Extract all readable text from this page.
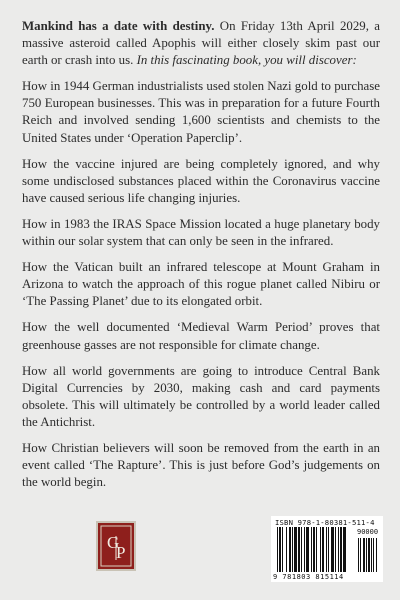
Mankind has a date with destiny. On Friday 13th April 2029, a massive asteroid called Apophis will either closely skim past our earth or crash into us. In this fascinating book, you will discover:

How in 1944 German industrialists used stolen Nazi gold to purchase 750 European businesses. This was in preparation for a future Fourth Reich and involved sending 1,600 scientists and chemists to the United States under ‘Operation Paperclip’.

How the vaccine injured are being completely ignored, and why some undisclosed substances placed within the Coronavirus vaccine have caused serious life changing injuries.

How in 1983 the IRAS Space Mission located a huge planetary body within our solar system that can only be seen in the infrared.

How the Vatican built an infrared telescope at Mount Graham in Arizona to watch the approach of this rogue planet called Nibiru or ‘The Passing Planet’ due to its elongated orbit.

How the well documented ‘Medieval Warm Period’ proves that greenhouse gasses are not responsible for climate change.

How all world governments are going to introduce Central Bank Digital Currencies by 2030, making cash and card payments obsolete. This will ultimately be controlled by a world leader called the Antichrist.

How Christian believers will soon be removed from the earth in an event called ‘The Rapture’. This is just before God’s judgements on the world begin.

G
P
ISBN 978-1-80381-511-4
90000
9 781803 815114
